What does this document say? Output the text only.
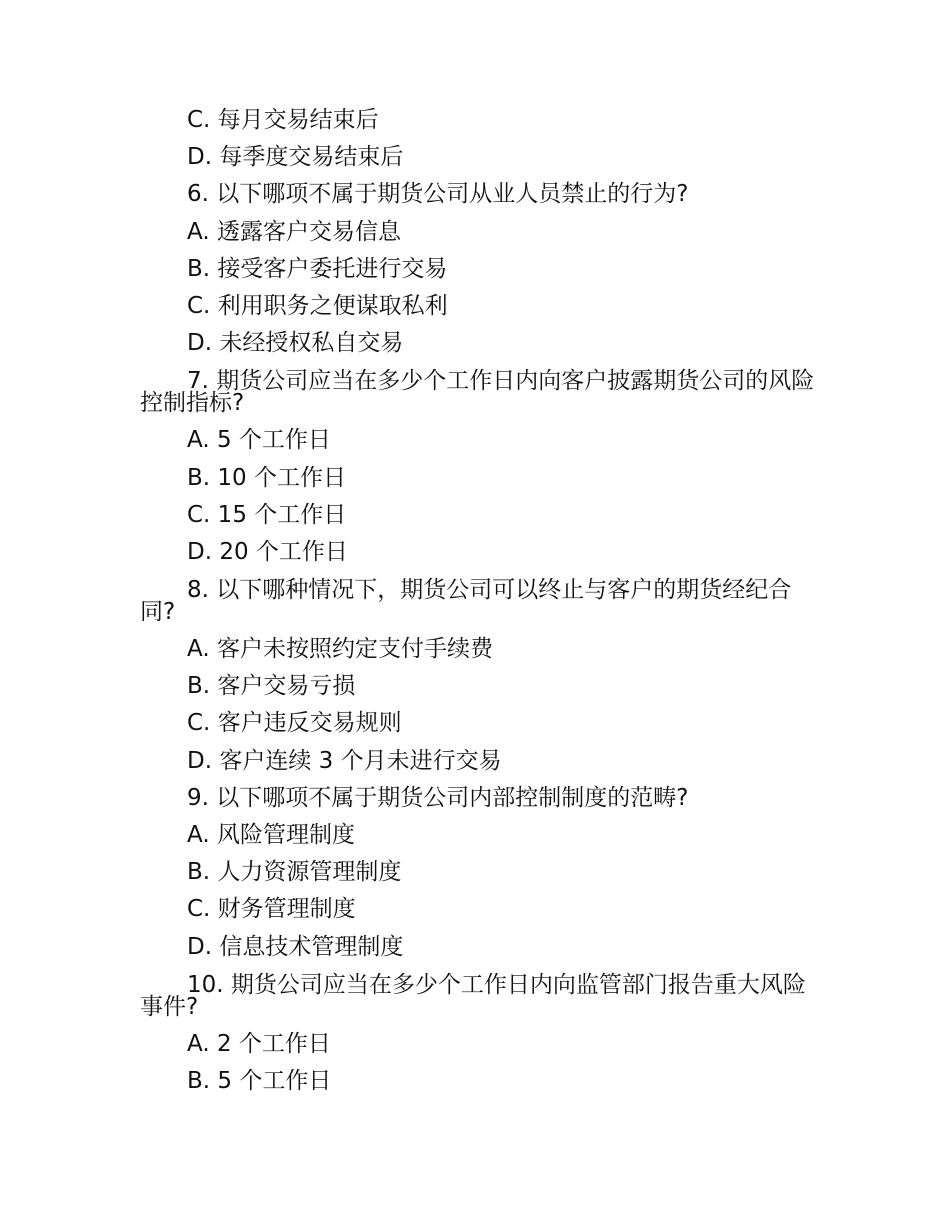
C. 每月交易结束后
D. 每季度交易结束后
6. 以下哪项不属于期货公司从业人员禁止的行为?
A. 透露客户交易信息
B. 接受客户委托进行交易
C. 利用职务之便谋取私利
D. 未经授权私自交易
7. 期货公司应当在多少个工作日内向客户披露期货公司的风险控制指标?
A. 5 个工作日
B. 10 个工作日
C. 15 个工作日
D. 20 个工作日
8. 以下哪种情况下，期货公司可以终止与客户的期货经纪合同?
A. 客户未按照约定支付手续费
B. 客户交易亏损
C. 客户违反交易规则
D. 客户连续 3 个月未进行交易
9. 以下哪项不属于期货公司内部控制制度的范畴?
A. 风险管理制度
B. 人力资源管理制度
C. 财务管理制度
D. 信息技术管理制度
10. 期货公司应当在多少个工作日内向监管部门报告重大风险事件?
A. 2 个工作日
B. 5 个工作日
